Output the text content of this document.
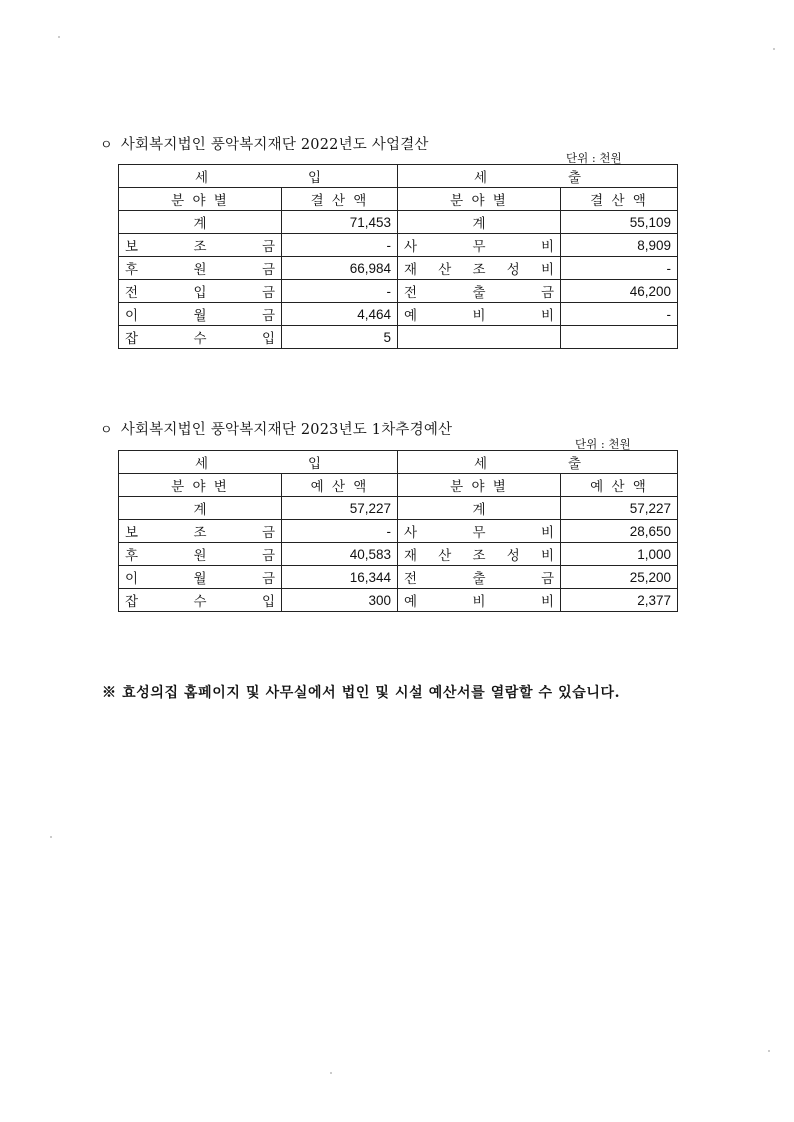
ㅇ 사회복지법인 풍악복지재단 2022년도 사업결산
단위 : 천원
세 입		세 출	

분 야 별	결 산 액	분 야 별	결 산 액
계	71,453	계	55,109

보 조 금	-	사 무 비	8,909

후 원 금	66,984	재 산 조 성 비	-

전 입 금	-	전 출 금	46,200

이 월 금	4,464	예 비 비	-

잡 수 입	5		
ㅇ 사회복지법인 풍악복지재단 2023년도 1차추경예산
단위 : 천원
세 입		세 출	

분 야 변	예 산 액	분 야 별	예 산 액
계	57,227	계	57,227

보 조 금	-	사 무 비	28,650

후 원 금	40,583	재 산 조 성 비	1,000

이 월 금	16,344	전 출 금	25,200

잡 수 입	300	예 비 비	2,377
※ 효성의집 홈페이지 및 사무실에서 법인 및 시설 예산서를 열람할 수 있습니다.
